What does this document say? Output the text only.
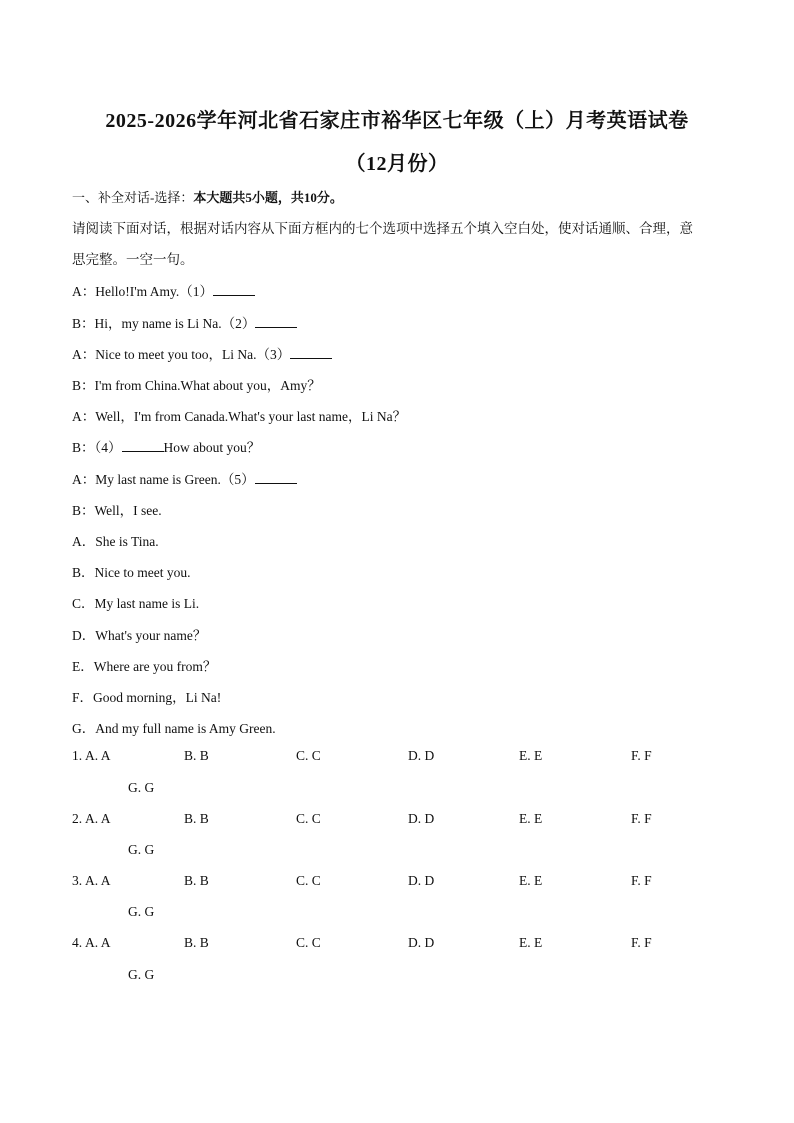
2025-2026学年河北省石家庄市裕华区七年级（上）月考英语试卷
（12月份）
一、补全对话-选择：本大题共5小题，共10分。
请阅读下面对话，根据对话内容从下面方框内的七个选项中选择五个填入空白处，使对话通顺、合理，意
思完整。一空一句。
A：Hello!I'm Amy.（1）
B：Hi，my name is Li Na.（2）
A：Nice to meet you too，Li Na.（3）
B：I'm from China.What about you，Amy？
A：Well，I'm from Canada.What's your last name，Li Na？
B：（4）	How about you？
A：My last name is Green.（5）
B：Well，I see.
A．She is Tina.
B．Nice to meet you.
C．My last name is Li.
D．What's your name？
E．Where are you from？
F．Good morning，Li Na!
G．And my full name is Amy Green.
1. A. A	B. B	C. C	D. D	E. E	F. F
G. G
2. A. A	B. B	C. C	D. D	E. E	F. F
G. G
3. A. A	B. B	C. C	D. D	E. E	F. F
G. G
4. A. A	B. B	C. C	D. D	E. E	F. F
G. G
